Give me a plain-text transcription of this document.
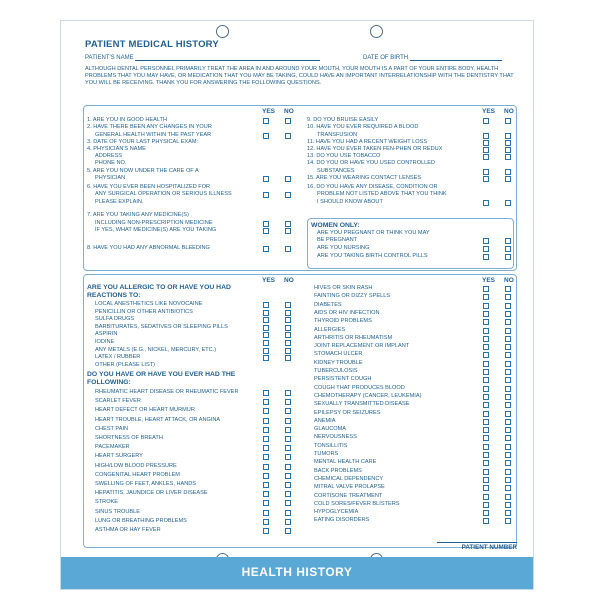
PATIENT MEDICAL HISTORY
PATIENT'S NAME	DATE OF BIRTH
ALTHOUGH DENTAL PERSONNEL PRIMARILY TREAT THE AREA IN AND AROUND YOUR MOUTH, YOUR MOUTH IS A PART OF YOUR ENTIRE BODY. HEALTH PROBLEMS THAT YOU MAY HAVE, OR MEDICATION THAT YOU MAY BE TAKING, COULD HAVE AN IMPORTANT INTERRELATIONSHIP WITH THE DENTISTRY THAT YOU WILL BE RECEIVING. THANK YOU FOR ANSWERING THE FOLLOWING QUESTIONS.
PATIENT NUMBER
HEALTH HISTORY
YES NO	YES NO
YES NO	YES NO
1. ARE YOU IN GOOD HEALTH
2. HAVE THERE BEEN ANY CHANGES IN YOUR
GENERAL HEALTH WITHIN THE PAST YEAR
3. DATE OF YOUR LAST PHYSICAL EXAM:
4. PHYSICIAN'S NAME
ADDRESS
PHONE NO.
5. ARE YOU NOW UNDER THE CARE OF A
PHYSICIAN
6. HAVE YOU EVER BEEN HOSPITALIZED FOR
ANY SURGICAL OPERATION OR SERIOUS ILLNESS
PLEASE EXPLAIN.
7. ARE YOU TAKING ANY MEDICINE(S)
INCLUDING NON-PRESCRIPTION MEDICINE
IF YES, WHAT MEDICINE(S) ARE YOU TAKING
8. HAVE YOU HAD ANY ABNORMAL BLEEDING
9. DO YOU BRUISE EASILY
10. HAVE YOU EVER REQUIRED A BLOOD
TRANSFUSION
11. HAVE YOU HAD A RECENT WEIGHT LOSS
12. HAVE YOU EVER TAKEN FEN-PHEN OR REDUX
13. DO YOU USE TOBACCO
14. DO YOU OR HAVE YOU USED CONTROLLED
SUBSTANCES
15. ARE YOU WEARING CONTACT LENSES
16. DO YOU HAVE ANY DISEASE, CONDITION OR
PROBLEM NOT LISTED ABOVE THAT YOU THINK
I SHOULD KNOW ABOUT
WOMEN ONLY:
ARE YOU PREGNANT OR THINK YOU MAY
BE PREGNANT
ARE YOU NURSING
ARE YOU TAKING BIRTH CONTROL PILLS
ARE YOU ALLERGIC TO OR HAVE YOU HAD
REACTIONS TO:
LOCAL ANESTHETICS LIKE NOVOCAINE
PENICILLIN OR OTHER ANTIBIOTICS
SULFA DRUGS
BARBITURATES, SEDATIVES OR SLEEPING PILLS
ASPIRIN
IODINE
ANY METALS (E.G., NICKEL, MERCURY, ETC.)
LATEX / RUBBER
OTHER (PLEASE LIST)
DO YOU HAVE OR HAVE YOU EVER HAD THE
FOLLOWING:
RHEUMATIC HEART DISEASE OR RHEUMATIC FEVER
SCARLET FEVER
HEART DEFECT OR HEART MURMUR
HEART TROUBLE, HEART ATTACK, OR ANGINA
CHEST PAIN
SHORTNESS OF BREATH
PACEMAKER
HEART SURGERY
HIGH/LOW BLOOD PRESSURE
CONGENITAL HEART PROBLEM
SWELLING OF FEET, ANKLES, HANDS
HEPATITIS, JAUNDICE OR LIVER DISEASE
STROKE
SINUS TROUBLE
LUNG OR BREATHING PROBLEMS
ASTHMA OR HAY FEVER
HIVES OR SKIN RASH
FAINTING OR DIZZY SPELLS
DIABETES
AIDS OR HIV INFECTION
THYROID PROBLEMS
ALLERGIES
ARTHRITIS OR RHEUMATISM
JOINT REPLACEMENT OR IMPLANT
STOMACH ULCER
KIDNEY TROUBLE
TUBERCULOSIS
PERSISTENT COUGH
COUGH THAT PRODUCES BLOOD
CHEMOTHERAPY (CANCER, LEUKEMIA)
SEXUALLY TRANSMITTED DISEASE
EPILEPSY OR SEIZURES
ANEMIA
GLAUCOMA
NERVOUSNESS
TONSILLITIS
TUMORS
MENTAL HEALTH CARE
BACK PROBLEMS
CHEMICAL DEPENDENCY
MITRAL VALVE PROLAPSE
CORTISONE TREATMENT
COLD SORES/FEVER BLISTERS
HYPOGLYCEMIA
EATING DISORDERS
